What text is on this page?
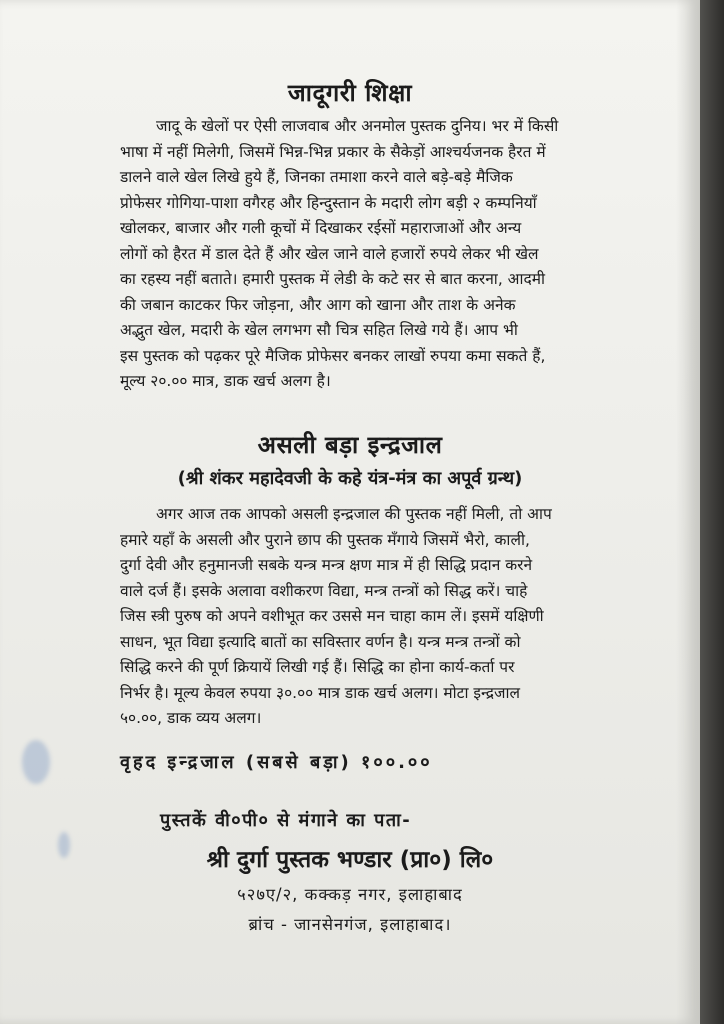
जादूगरी शिक्षा
जादू के खेलों पर ऐसी लाजवाब और अनमोल पुस्तक दुनिय। भर में किसी
भाषा में नहीं मिलेगी, जिसमें भिन्न-भिन्न प्रकार के सैकेड़ों आश्चर्यजनक हैरत में
डालने वाले खेल लिखे हुये हैं, जिनका तमाशा करने वाले बड़े-बड़े मैजिक
प्रोफेसर गोगिया-पाशा वगैरह और हिन्दुस्तान के मदारी लोग बड़ी २ कम्पनियाँ
खोलकर, बाजार और गली कूचों में दिखाकर रईसों महाराजाओं और अन्य
लोगों को हैरत में डाल देते हैं और खेल जाने वाले हजारों रुपये लेकर भी खेल
का रहस्य नहीं बताते। हमारी पुस्तक में लेडी के कटे सर से बात करना, आदमी
की जबान काटकर फिर जोड़ना, और आग को खाना और ताश के अनेक
अद्भुत खेल, मदारी के खेल लगभग सौ चित्र सहित लिखे गये हैं। आप भी
इस पुस्तक को पढ़कर पूरे मैजिक प्रोफेसर बनकर लाखों रुपया कमा सकते हैं,
मूल्य २०.०० मात्र, डाक खर्च अलग है।
असली बड़ा इन्द्रजाल
(श्री शंकर महादेवजी के कहे यंत्र-मंत्र का अपूर्व ग्रन्थ)
अगर आज तक आपको असली इन्द्रजाल की पुस्तक नहीं मिली, तो आप
हमारे यहाँ के असली और पुराने छाप की पुस्तक मँगाये जिसमें भैरो, काली,
दुर्गा देवी और हनुमानजी सबके यन्त्र मन्त्र क्षण मात्र में ही सिद्धि प्रदान करने
वाले दर्ज हैं। इसके अलावा वशीकरण विद्या, मन्त्र तन्त्रों को सिद्ध करें। चाहे
जिस स्त्री पुरुष को अपने वशीभूत कर उससे मन चाहा काम लें। इसमें यक्षिणी
साधन, भूत विद्या इत्यादि बातों का सविस्तार वर्णन है। यन्त्र मन्त्र तन्त्रों को
सिद्धि करने की पूर्ण क्रियायें लिखी गई हैं। सिद्धि का होना कार्य-कर्ता पर
निर्भर है। मूल्य केवल रुपया ३०.०० मात्र डाक खर्च अलग। मोटा इन्द्रजाल
५०.००, डाक व्यय अलग।
वृहद इन्द्रजाल (सबसे बड़ा) १००.००
पुस्तकें वी०पी० से मंगाने का पता-
श्री दुर्गा पुस्तक भण्डार (प्रा०) लि०
५२७ए/२, कक्कड़ नगर, इलाहाबाद
ब्रांच - जानसेनगंज, इलाहाबाद।
